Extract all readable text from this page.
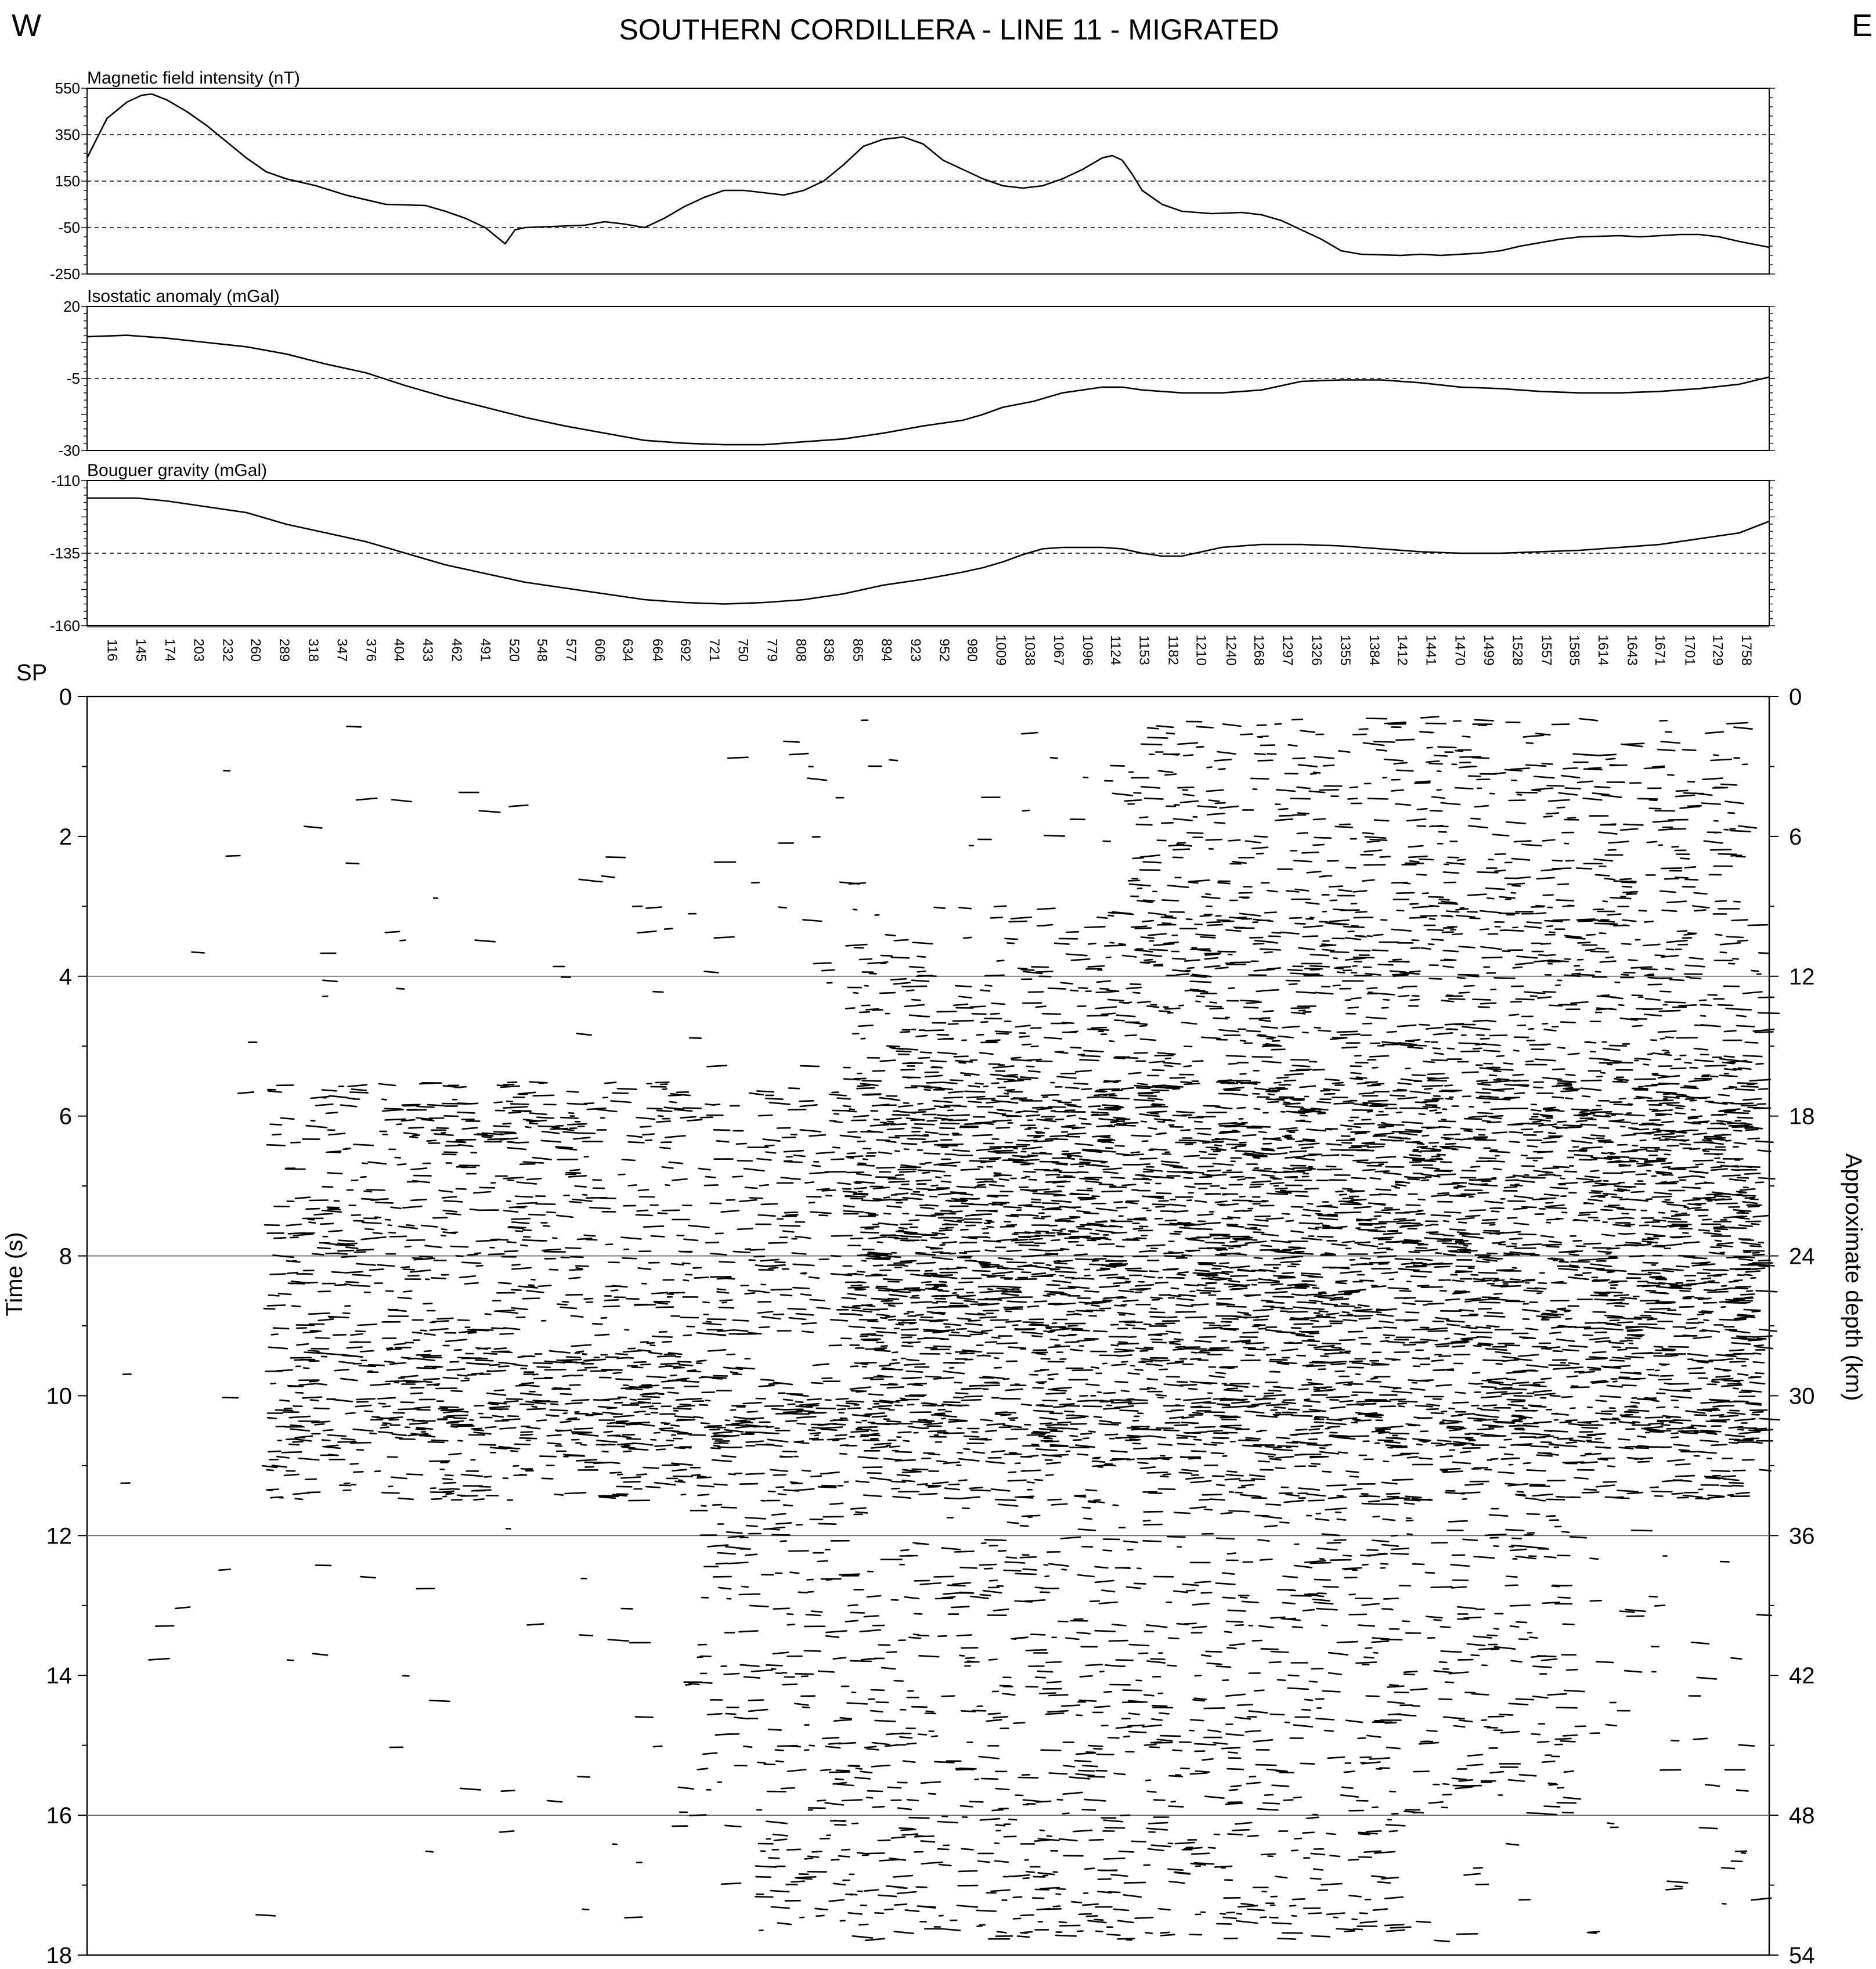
SOUTHERN CORDILLERA - LINE 11 - MIGRATED
W	E
550
350
150
-50
-250
Magnetic field intensity (nT)
20
-5
-30
Isostatic anomaly (mGal)
-110
-135
-160
Bouguer gravity (mGal)
116 145 174 203 232 260 289 318 347 376 404 433 462 491 520 548 577 606 634 664 692 721 750 779 808 836 865 894 923 952 980 1009 1038 1067 1096 1124 1153 1182 1210 1240 1268 1297 1326 1355 1384 1412 1441 1470 1499 1528 1557 1585 1614 1643 1671 1701 1729 1758
SP
0
2
4
6
8
10
12
14
16
18
0
6
12
18
24
30
36
42
48
54
Time (s)	Approximate depth (km)
